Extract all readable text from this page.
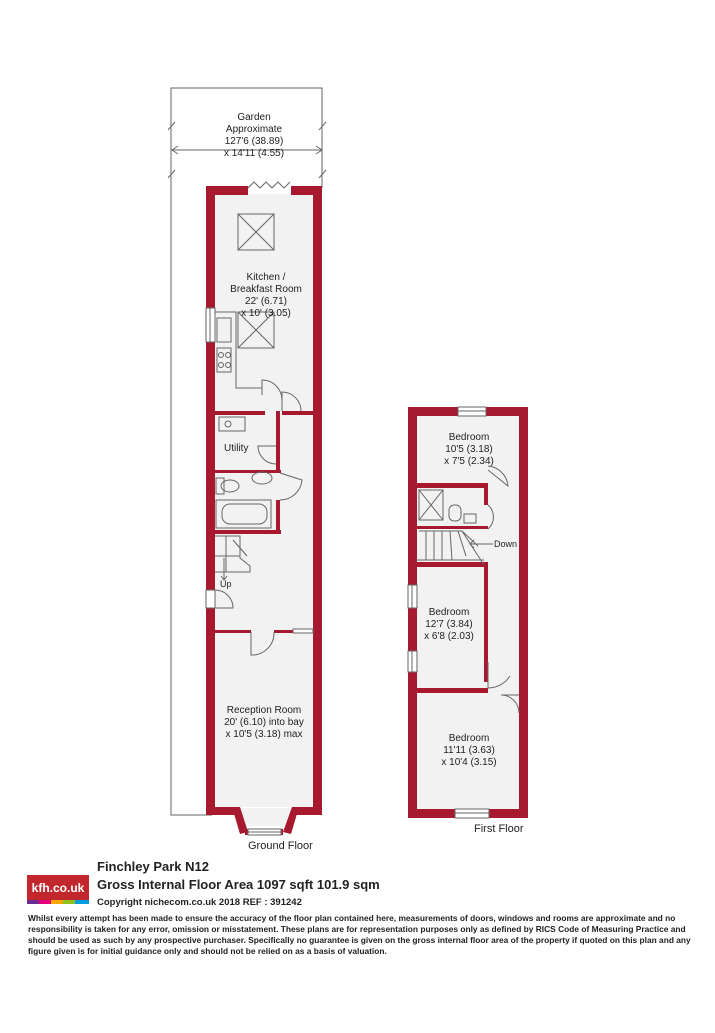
Garden
Approximate
127'6 (38.89)
x 14'11 (4.55)
Kitchen /
Breakfast Room
22' (6.71)
x 10' (3.05)
Utility
Up
Reception Room
20' (6.10) into bay
x 10'5 (3.18) max
Ground Floor
Bedroom
10'5 (3.18)
x 7'5 (2.34)
Down
Bedroom
12'7 (3.84)
x 6'8 (2.03)
Bedroom
11'11 (3.63)
x 10'4 (3.15)
First Floor
kfh.co.uk
Finchley Park N12
Gross Internal Floor Area 1097 sqft 101.9 sqm
Copyright nichecom.co.uk 2018 REF : 391242
Whilst every attempt has been made to ensure the accuracy of the floor plan contained here, measurements of doors, windows and rooms are approximate and no responsibility is taken for any error, omission or misstatement. These plans are for representation purposes only as defined by RICS Code of Measuring Practice and should be used as such by any prospective purchaser. Specifically no guarantee is given on the gross internal floor area of the property if quoted on this plan and any figure given is for initial guidance only and should not be relied on as a basis of valuation.
